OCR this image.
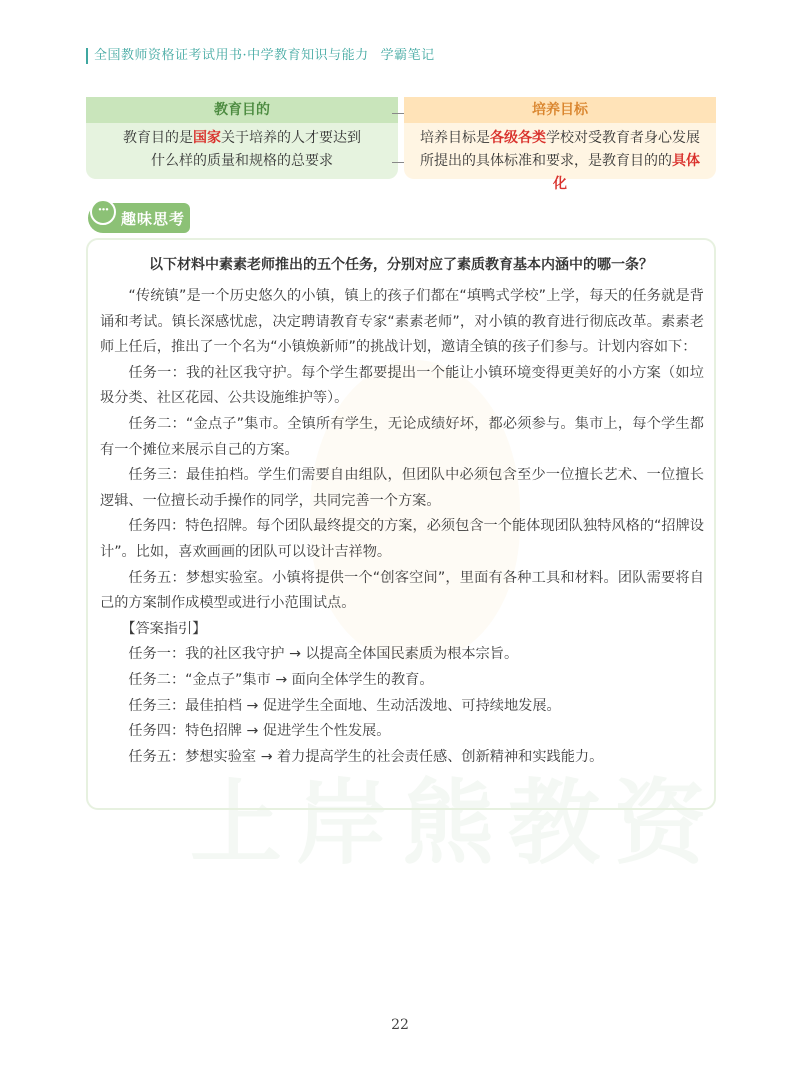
上岸熊教资
全国教师资格证考试用书·中学教育知识与能力 学霸笔记
教育目的
教育目的是国家关于培养的人才要达到
什么样的质量和规格的总要求
培养目标
培养目标是各级各类学校对受教育者身心发展
所提出的具体标准和要求，是教育目的的具体化
··· 趣味思考
以下材料中素素老师推出的五个任务，分别对应了素质教育基本内涵中的哪一条？

“传统镇”是一个历史悠久的小镇，镇上的孩子们都在“填鸭式学校”上学，每天的任务就是背诵和考试。镇长深感忧虑，决定聘请教育专家“素素老师”，对小镇的教育进行彻底改革。素素老师上任后，推出了一个名为“小镇焕新师”的挑战计划，邀请全镇的孩子们参与。计划内容如下：

任务一：我的社区我守护。每个学生都要提出一个能让小镇环境变得更美好的小方案（如垃圾分类、社区花园、公共设施维护等）。

任务二：“金点子”集市。全镇所有学生，无论成绩好坏，都必须参与。集市上，每个学生都有一个摊位来展示自己的方案。

任务三：最佳拍档。学生们需要自由组队，但团队中必须包含至少一位擅长艺术、一位擅长逻辑、一位擅长动手操作的同学，共同完善一个方案。

任务四：特色招牌。每个团队最终提交的方案，必须包含一个能体现团队独特风格的“招牌设计”。比如，喜欢画画的团队可以设计吉祥物。

任务五：梦想实验室。小镇将提供一个“创客空间”，里面有各种工具和材料。团队需要将自己的方案制作成模型或进行小范围试点。

【答案指引】

任务一：我的社区我守护 → 以提高全体国民素质为根本宗旨。

任务二：“金点子”集市 → 面向全体学生的教育。

任务三：最佳拍档 → 促进学生全面地、生动活泼地、可持续地发展。

任务四：特色招牌 → 促进学生个性发展。

任务五：梦想实验室 → 着力提高学生的社会责任感、创新精神和实践能力。

22
